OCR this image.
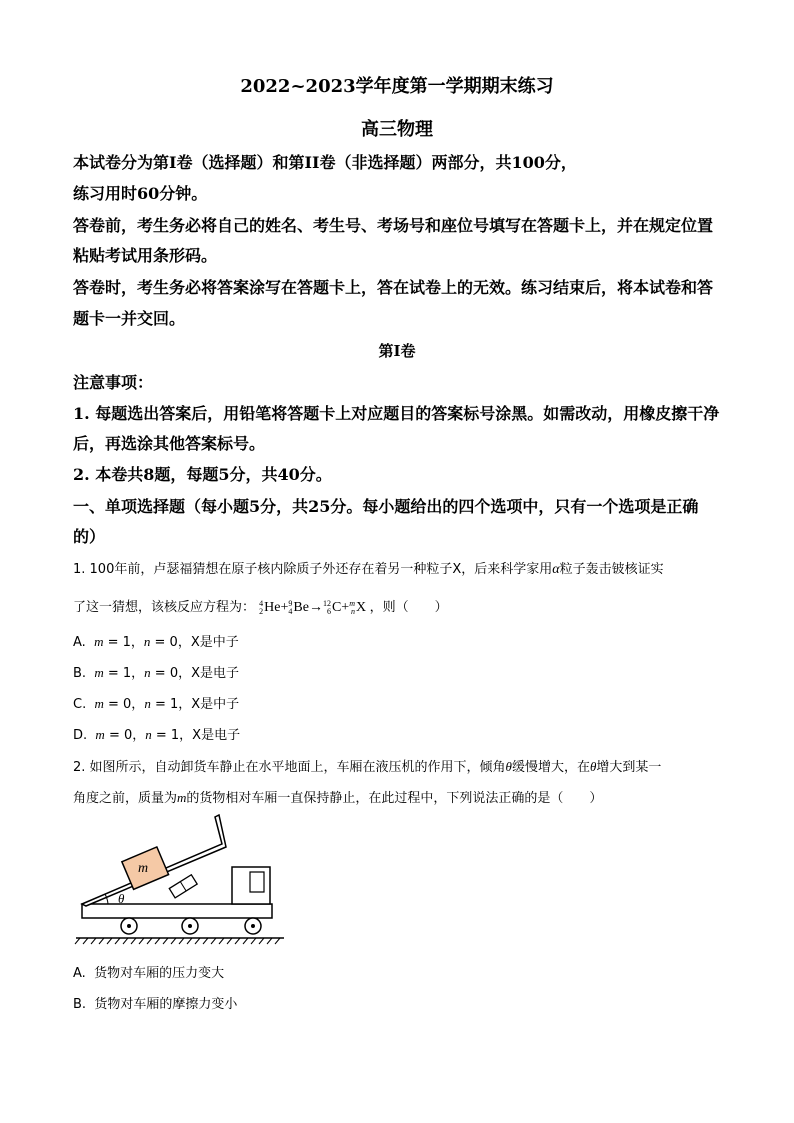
2022~2023学年度第一学期期末练习
高三物理
本试卷分为第I卷（选择题）和第II卷（非选择题）两部分，共100分，
练习用时60分钟。
答卷前，考生务必将自己的姓名、考生号、考场号和座位号填写在答题卡上，并在规定位置
粘贴考试用条形码。
答卷时，考生务必将答案涂写在答题卡上，答在试卷上的无效。练习结束后，将本试卷和答
题卡一并交回。
第I卷
注意事项：
1. 每题选出答案后，用铅笔将答题卡上对应题目的答案标号涂黑。如需改动，用橡皮擦干净
后，再选涂其他答案标号。
2. 本卷共8题，每题5分，共40分。
一、单项选择题（每小题5分，共25分。每小题给出的四个选项中，只有一个选项是正确
的）
1. 100年前，卢瑟福猜想在原子核内除质子外还存在着另一种粒子X，后来科学家用α粒子轰击铍核证实
了这一猜想，该核反应方程为： 4
2He+9
4Be→12
6C+m
nX ，则（　　）
A. m = 1，n = 0，X是中子
B. m = 1，n = 0，X是电子
C. m = 0，n = 1，X是中子
D. m = 0，n = 1，X是电子
2. 如图所示，自动卸货车静止在水平地面上，车厢在液压机的作用下，倾角θ缓慢增大，在θ增大到某一
角度之前，质量为m的货物相对车厢一直保持静止，在此过程中，下列说法正确的是（　　）
m
θ
A. 货物对车厢的压力变大
B. 货物对车厢的摩擦力变小
